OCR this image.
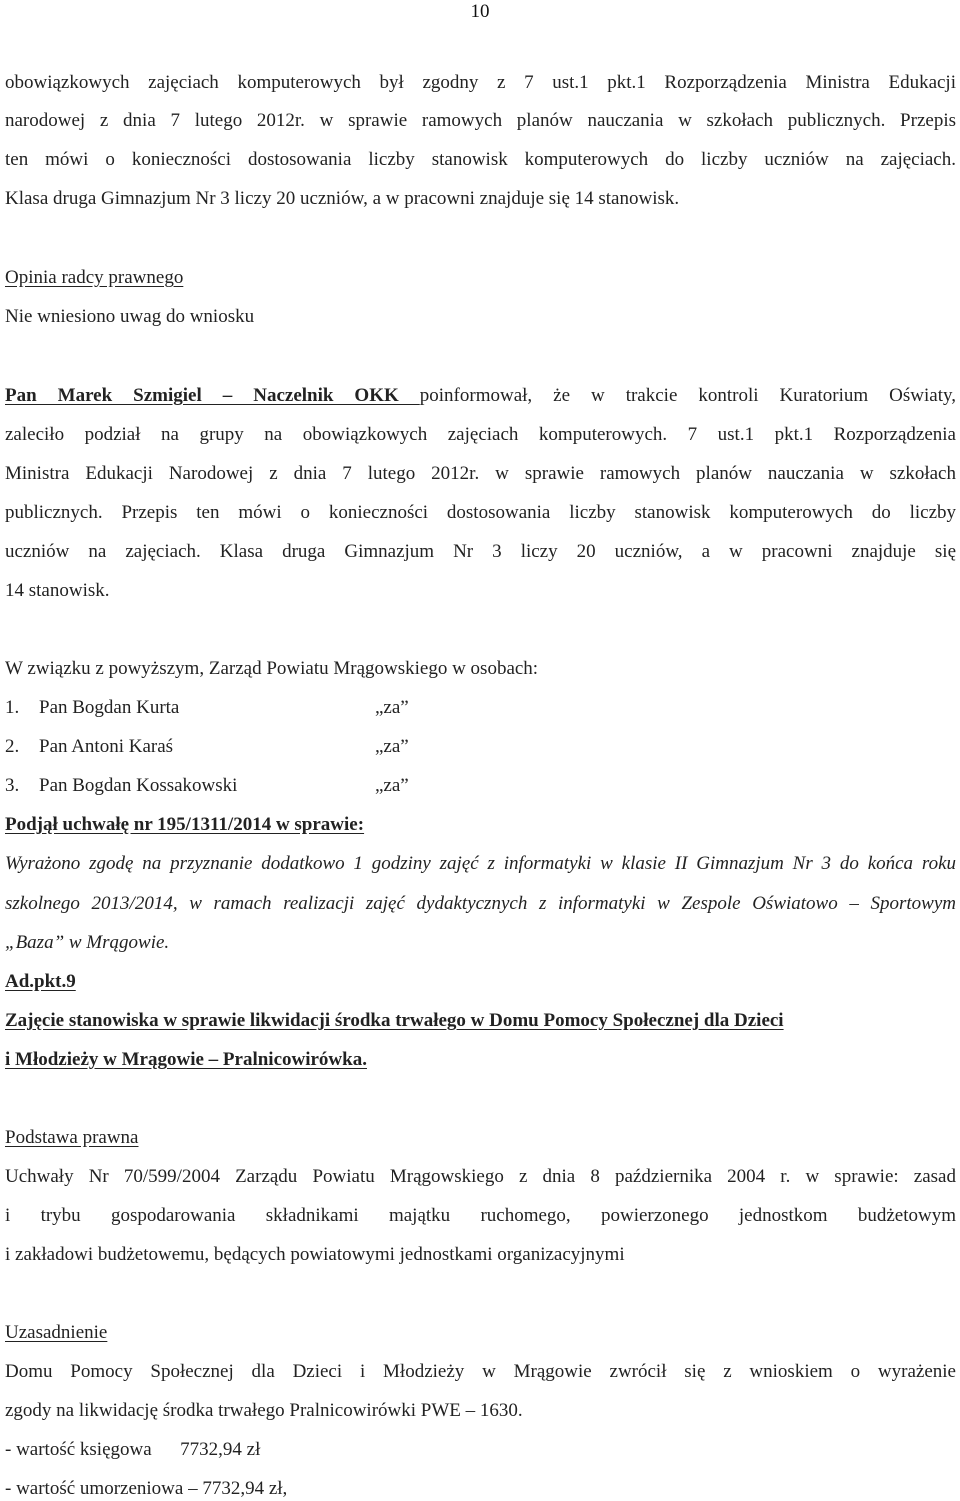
10
obowiązkowych zajęciach komputerowych był zgodny z 7 ust.1 pkt.1 Rozporządzenia Ministra Edukacji
narodowej z dnia 7 lutego 2012r. w sprawie ramowych planów nauczania w szkołach publicznych. Przepis
ten mówi o konieczności dostosowania liczby stanowisk komputerowych do liczby uczniów na zajęciach.
Klasa druga Gimnazjum Nr 3 liczy 20 uczniów, a w pracowni znajduje się 14 stanowisk.
Opinia radcy prawnego
Nie wniesiono uwag do wniosku
Pan Marek Szmigiel – Naczelnik OKK poinformował, że w trakcie kontroli Kuratorium Oświaty,
zaleciło podział na grupy na obowiązkowych zajęciach komputerowych. 7 ust.1 pkt.1 Rozporządzenia
Ministra Edukacji Narodowej z dnia 7 lutego 2012r. w sprawie ramowych planów nauczania w szkołach
publicznych. Przepis ten mówi o konieczności dostosowania liczby stanowisk komputerowych do liczby
uczniów na zajęciach. Klasa druga Gimnazjum Nr 3 liczy 20 uczniów, a w pracowni znajduje się
14 stanowisk.
W związku z powyższym, Zarząd Powiatu Mrągowskiego w osobach:
1. Pan Bogdan Kurta	„za”
2. Pan Antoni Karaś	„za”
3. Pan Bogdan Kossakowski	„za”
Podjął uchwałę nr 195/1311/2014 w sprawie:
Wyrażono zgodę na przyznanie dodatkowo 1 godziny zajęć z informatyki w klasie II Gimnazjum Nr 3 do końca roku
szkolnego 2013/2014, w ramach realizacji zajęć dydaktycznych z informatyki w Zespole Oświatowo – Sportowym
„Baza” w Mrągowie.
Ad.pkt.9
Zajęcie stanowiska w sprawie likwidacji środka trwałego w Domu Pomocy Społecznej dla Dzieci
i Młodzieży w Mrągowie – Pralnicowirówka.
Podstawa prawna
Uchwały Nr 70/599/2004 Zarządu Powiatu Mrągowskiego z dnia 8 października 2004 r. w sprawie: zasad
i trybu gospodarowania składnikami majątku ruchomego, powierzonego jednostkom budżetowym
i zakładowi budżetowemu, będących powiatowymi jednostkami organizacyjnymi
Uzasadnienie
Domu Pomocy Społecznej dla Dzieci i Młodzieży w Mrągowie zwrócił się z wnioskiem o wyrażenie
zgody na likwidację środka trwałego Pralnicowirówki PWE – 1630.
- wartość księgowa      7732,94 zł
- wartość umorzeniowa – 7732,94 zł,
